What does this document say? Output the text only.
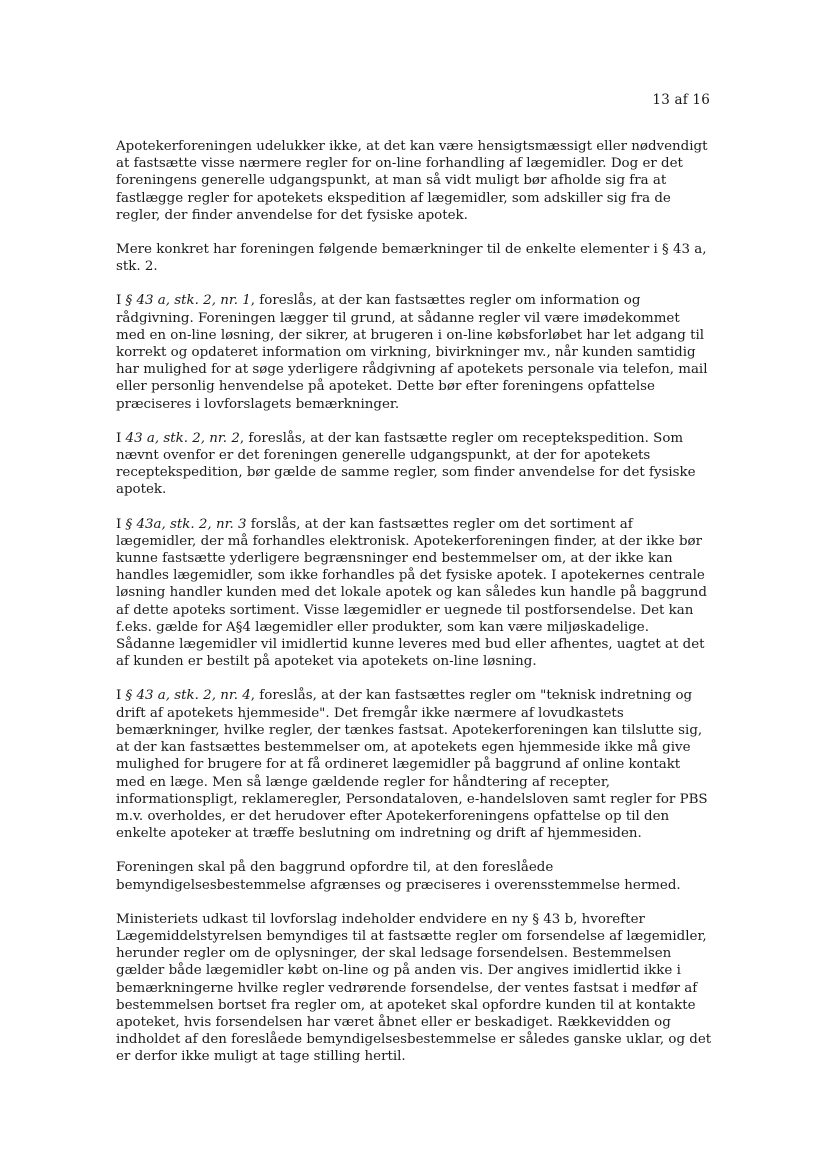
13 af 16

Apotekerforeningen udelukker ikke, at det kan være hensigtsmæssigt eller nødvendigt at fastsætte visse nærmere regler for on-line forhandling af lægemidler. Dog er det foreningens generelle udgangspunkt, at man så vidt muligt bør afholde sig fra at fastlægge regler for apotekets ekspedition af lægemidler, som adskiller sig fra de regler, der finder anvendelse for det fysiske apotek.

Mere konkret har foreningen følgende bemærkninger til de enkelte elementer i § 43 a, stk. 2.

I § 43 a, stk. 2, nr. 1, foreslås, at der kan fastsættes regler om information og rådgivning. Foreningen lægger til grund, at sådanne regler vil være imødekommet med en on-line løsning, der sikrer, at brugeren i on-line købsforløbet har let adgang til korrekt og opdateret information om virkning, bivirkninger mv., når kunden samtidig har mulighed for at søge yderligere rådgivning af apotekets personale via telefon, mail eller personlig henvendelse på apoteket. Dette bør efter foreningens opfattelse præciseres i lovforslagets bemærkninger.

I 43 a, stk. 2, nr. 2, foreslås, at der kan fastsætte regler om receptekspedition. Som nævnt ovenfor er det foreningen generelle udgangspunkt, at der for apotekets receptekspedition, bør gælde de samme regler, som finder anvendelse for det fysiske apotek.

I § 43a, stk. 2, nr. 3 forslås, at der kan fastsættes regler om det sortiment af lægemidler, der må forhandles elektronisk. Apotekerforeningen finder, at der ikke bør kunne fastsætte yderligere begrænsninger end bestemmelser om, at der ikke kan handles lægemidler, som ikke forhandles på det fysiske apotek. I apotekernes centrale løsning handler kunden med det lokale apotek og kan således kun handle på baggrund af dette apoteks sortiment. Visse lægemidler er uegnede til postforsendelse. Det kan f.eks. gælde for A§4 lægemidler eller produkter, som kan være miljøskadelige. Sådanne lægemidler vil imidlertid kunne leveres med bud eller afhentes, uagtet at det af kunden er bestilt på apoteket via apotekets on-line løsning.

I § 43 a, stk. 2, nr. 4, foreslås, at der kan fastsættes regler om "teknisk indretning og drift af apotekets hjemmeside". Det fremgår ikke nærmere af lovudkastets bemærkninger, hvilke regler, der tænkes fastsat. Apotekerforeningen kan tilslutte sig, at der kan fastsættes bestemmelser om, at apotekets egen hjemmeside ikke må give mulighed for brugere for at få ordineret lægemidler på baggrund af online kontakt med en læge. Men så længe gældende regler for håndtering af recepter, informationspligt, reklameregler, Persondataloven, e-handelsloven samt regler for PBS m.v. overholdes, er det herudover efter Apotekerforeningens opfattelse op til den enkelte apoteker at træffe beslutning om indretning og drift af hjemmesiden.

Foreningen skal på den baggrund opfordre til, at den foreslåede bemyndigelsesbestemmelse afgrænses og præciseres i overensstemmelse hermed.

Ministeriets udkast til lovforslag indeholder endvidere en ny § 43 b, hvorefter Lægemiddelstyrelsen bemyndiges til at fastsætte regler om forsendelse af lægemidler, herunder regler om de oplysninger, der skal ledsage forsendelsen. Bestemmelsen gælder både lægemidler købt on-line og på anden vis. Der angives imidlertid ikke i bemærkningerne hvilke regler vedrørende forsendelse, der ventes fastsat i medfør af bestemmelsen bortset fra regler om, at apoteket skal opfordre kunden til at kontakte apoteket, hvis forsendelsen har været åbnet eller er beskadiget. Rækkevidden og indholdet af den foreslåede bemyndigelsesbestemmelse er således ganske uklar, og det er derfor ikke muligt at tage stilling hertil.
